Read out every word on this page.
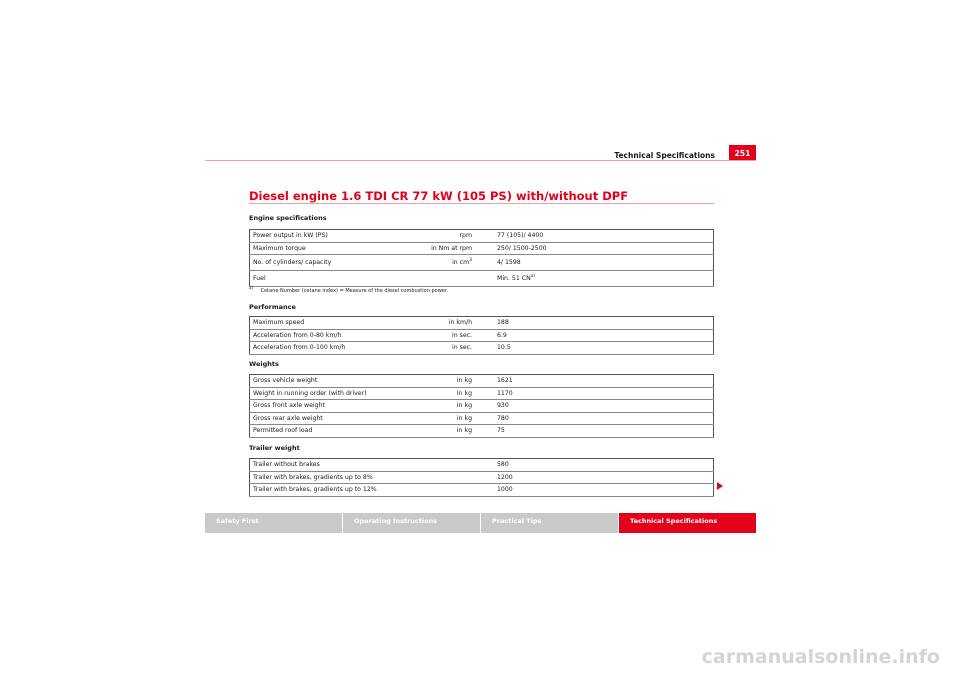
Technical Specifications	251
Diesel engine 1.6 TDI CR 77 kW (105 PS) with/without DPF
Engine specifications
Power output in kW (PS)	rpm	77 (105)/ 4400
Maximum torque	in Nm at rpm	250/ 1500-2500
No. of cylinders/ capacity	in $cm^3$	4/ 1598
Fuel		Min. 51 CN$^{a)}$
$^{a)}$ Cetane Number (cetane index) = Measure of the diesel combustion power.
Performance
Maximum speed	in km/h	188
Acceleration from 0-80 km/h	in sec.	6.9
Acceleration from 0-100 km/h	in sec.	10.5
Weights
Gross vehicle weight	in kg	1621
Weight in running order (with driver)	in kg	1170
Gross front axle weight	in kg	930
Gross rear axle weight	in kg	780
Permitted roof load	in kg	75
Trailer weight
Trailer without brakes		580
Trailer with brakes, gradients up to 8%		1200
Trailer with brakes, gradients up to 12%		1000
Safety First	Operating Instructions	Practical Tips	Technical Specifications
carmanualsonline.info
